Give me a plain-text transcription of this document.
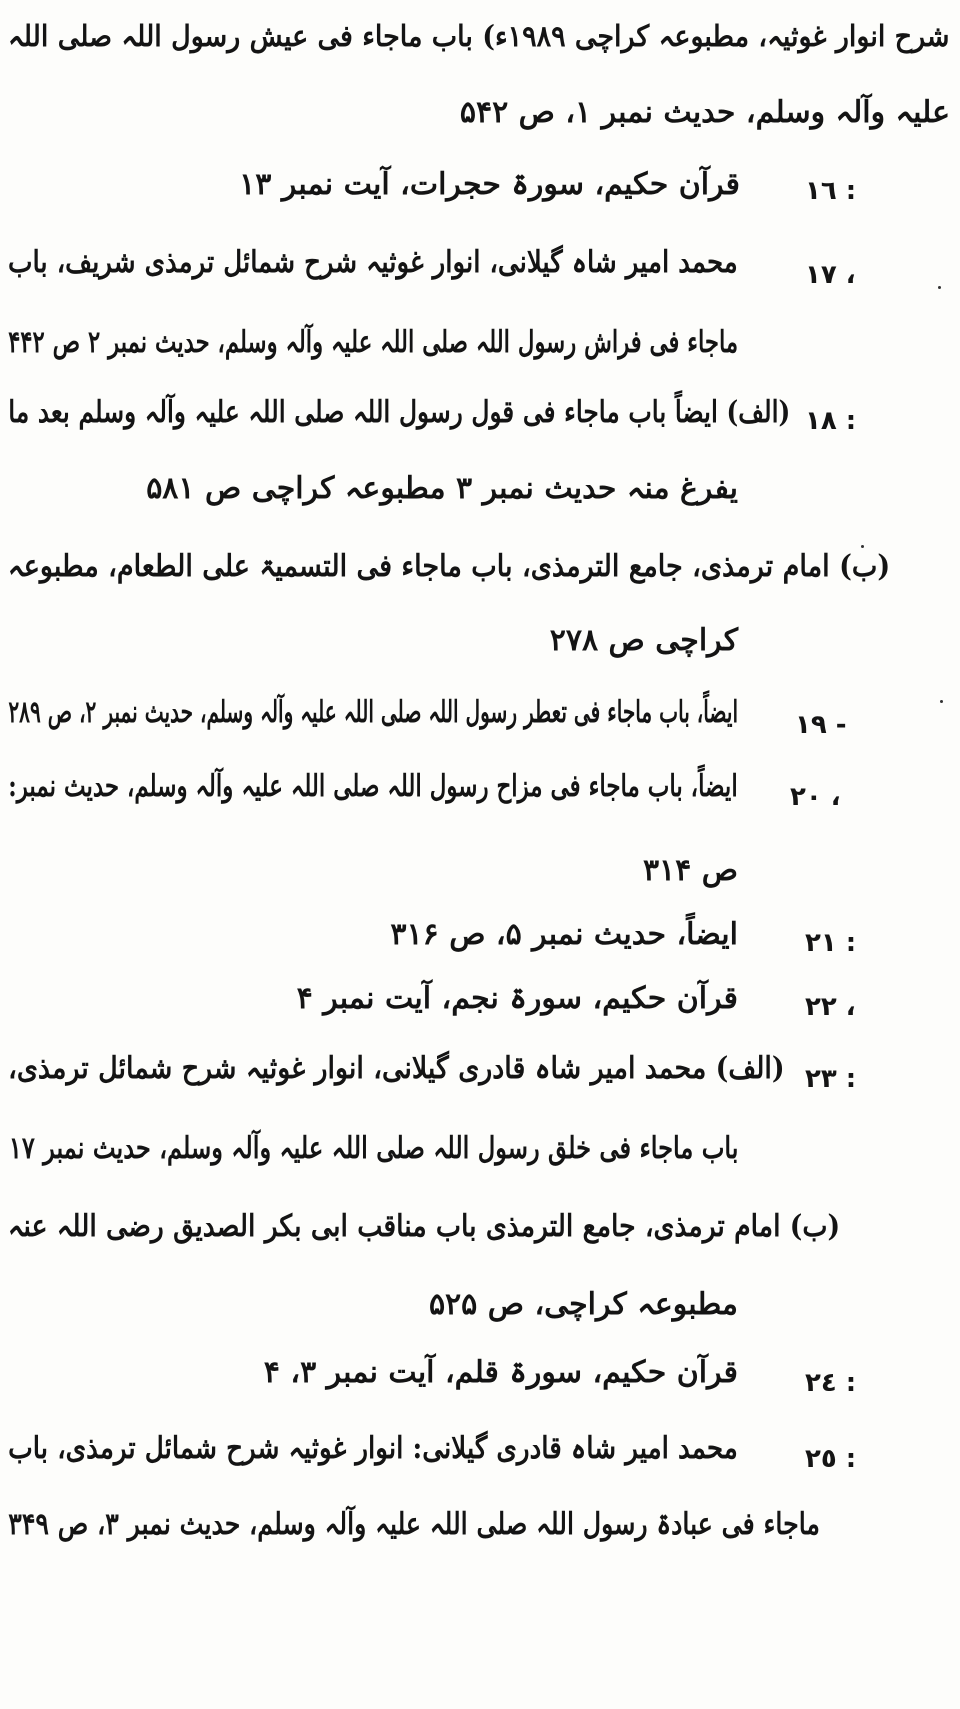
شرح انوار غوثیہ، مطبوعہ کراچی ۱۹۸۹ء) باب ماجاء فی عیش رسول اللہ صلی اللہ
علیہ وآلہ وسلم، حدیث نمبر ۱، ص ۵۴۲
١٦ :
قرآن حکیم، سورۃ حجرات، آیت نمبر ۱۳
١٧ ،
محمد امیر شاہ گیلانی، انوار غوثیہ شرح شمائل ترمذی شریف، باب
ماجاء فی فراش رسول اللہ صلی اللہ علیہ وآلہ وسلم، حدیث نمبر ۲ ص ۴۴۲
١٨ :
(الف) ایضاً باب ماجاء فی قول رسول اللہ صلی اللہ علیہ وآلہ وسلم بعد ما
یفرغ منہ حدیث نمبر ۳ مطبوعہ کراچی ص ۵۸۱
(ب) امام ترمذی، جامع الترمذی، باب ماجاء فی التسمیۃ علی الطعام، مطبوعہ
کراچی ص ۲۷۸
١٩ -
ایضاً، باب ماجاء فی تعطر رسول اللہ صلی اللہ علیہ وآلہ وسلم، حدیث نمبر ۲، ص ۲۸۹
٢٠ ،
ایضاً، باب ماجاء فی مزاح رسول اللہ صلی اللہ علیہ وآلہ وسلم، حدیث نمبر:
ص ۳۱۴
٢١ :
ایضاً، حدیث نمبر ۵، ص ۳۱۶
٢٢ ،
قرآن حکیم، سورۃ نجم، آیت نمبر ۴
٢٣ :
(الف) محمد امیر شاہ قادری گیلانی، انوار غوثیہ شرح شمائل ترمذی،
باب ماجاء فی خلق رسول اللہ صلی اللہ علیہ وآلہ وسلم، حدیث نمبر ۱۷
(ب) امام ترمذی، جامع الترمذی باب مناقب ابی بکر الصدیق رضی اللہ عنہ
مطبوعہ کراچی، ص ۵۲۵
٢٤ :
قرآن حکیم، سورۃ قلم، آیت نمبر ۳، ۴
٢٥ :
محمد امیر شاہ قادری گیلانی: انوار غوثیہ شرح شمائل ترمذی، باب
ماجاء فی عبادۃ رسول اللہ صلی اللہ علیہ وآلہ وسلم، حدیث نمبر ۳، ص ۳۴۹
